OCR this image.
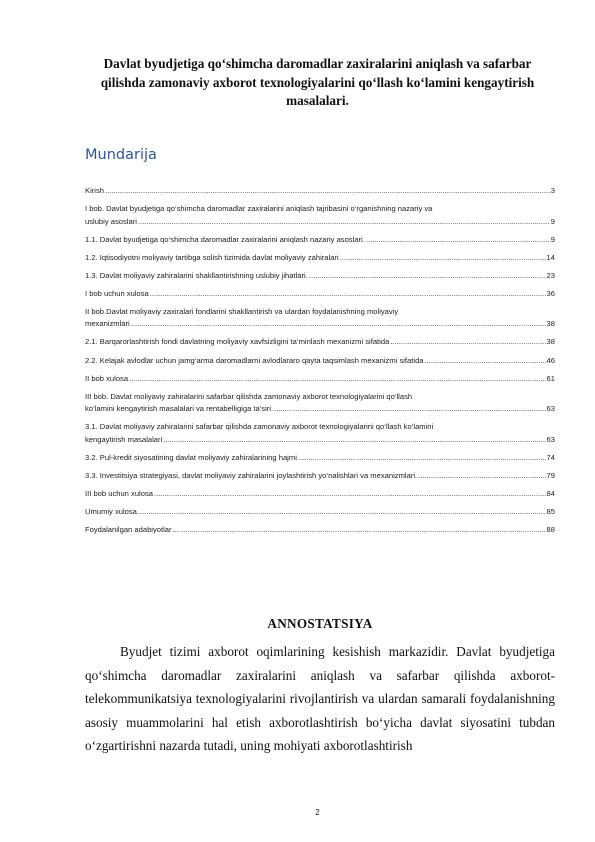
Davlat byudjetiga qo‘shimcha daromadlar zaxiralarini aniqlash va safarbar qilishda zamonaviy axborot texnologiyalarini qo‘llash ko‘lamini kengaytirish masalalari.
Mundarija
Kirish .....	3
I bob. Davlat byudjetiga qo‘shimcha daromadlar zaxiralarini aniqlash tajribasini o‘rganishning nazariy va
uslubiy asoslari .....	9
1.1. Davlat byudjetiga qo‘shimcha daromadlar zaxiralarini aniqlash nazariy asoslari. .....	9
1.2. Iqtisodiyotni moliyaviy tartibga solish tizimida davlat moliyaviy zahiralari .....	14
1.3. Davlat moliyaviy zahiralarini shakllantirishning uslubiy jihatlari. .....	23
I bob uchun xulosa .....	36
II bob.Davlat moliyaviy zaxiralari fondlarini shakllantirish va ulardan foydalanishning moliyaviy
mexanizmlari .....	38
2.1. Barqarorlashtirish fondi davlatning moliyaviy xavfsizligini ta’minlash mexanizmi sifatida .....	38
2.2. Kelajak avlodlar uchun jamg‘arma daromadlarni avlodlararo qayta taqsimlash mexanizmi sifatida .....	46
II bob xulosa .....	61
III bob. Davlat moliyaviy zahiralarini safarbar qilishda zamonaviy axborot texnologiyalarini qo‘llash
ko‘lamini kengaytirish masalalari va rentabelligiga ta’siri. .....	63
3.1. Davlat moliyaviy zahiralarini safarbar qilishda zamonaviy axborot texnologiyalarini qo‘llash ko‘lamini
kengaytirish masalalari .....	63
3.2. Pul-kredit siyosatining davlat moliyaviy zahiralarining hajmi .....	74
3.3. Investitsiya strategiyasi, davlat moliyaviy zahiralarini joylashtirish yo‘nalishlari va mexanizmlari. .....	79
III bob uchun xulosa .....	84
Umumiy xulosa .....	85
Foydalanilgan adabiyotlar .....	88
ANNOSTATSIYA
Byudjet tizimi axborot oqimlarining kesishish markazidir. Davlat byudjetiga qo‘shimcha daromadlar zaxiralarini aniqlash va safarbar qilishda axborot-telekommunikatsiya texnologiyalarini rivojlantirish va ulardan samarali foydalanishning asosiy muammolarini hal etish axborotlashtirish bo‘yicha davlat siyosatini tubdan o‘zgartirishni nazarda tutadi, uning mohiyati axborotlashtirish
2
